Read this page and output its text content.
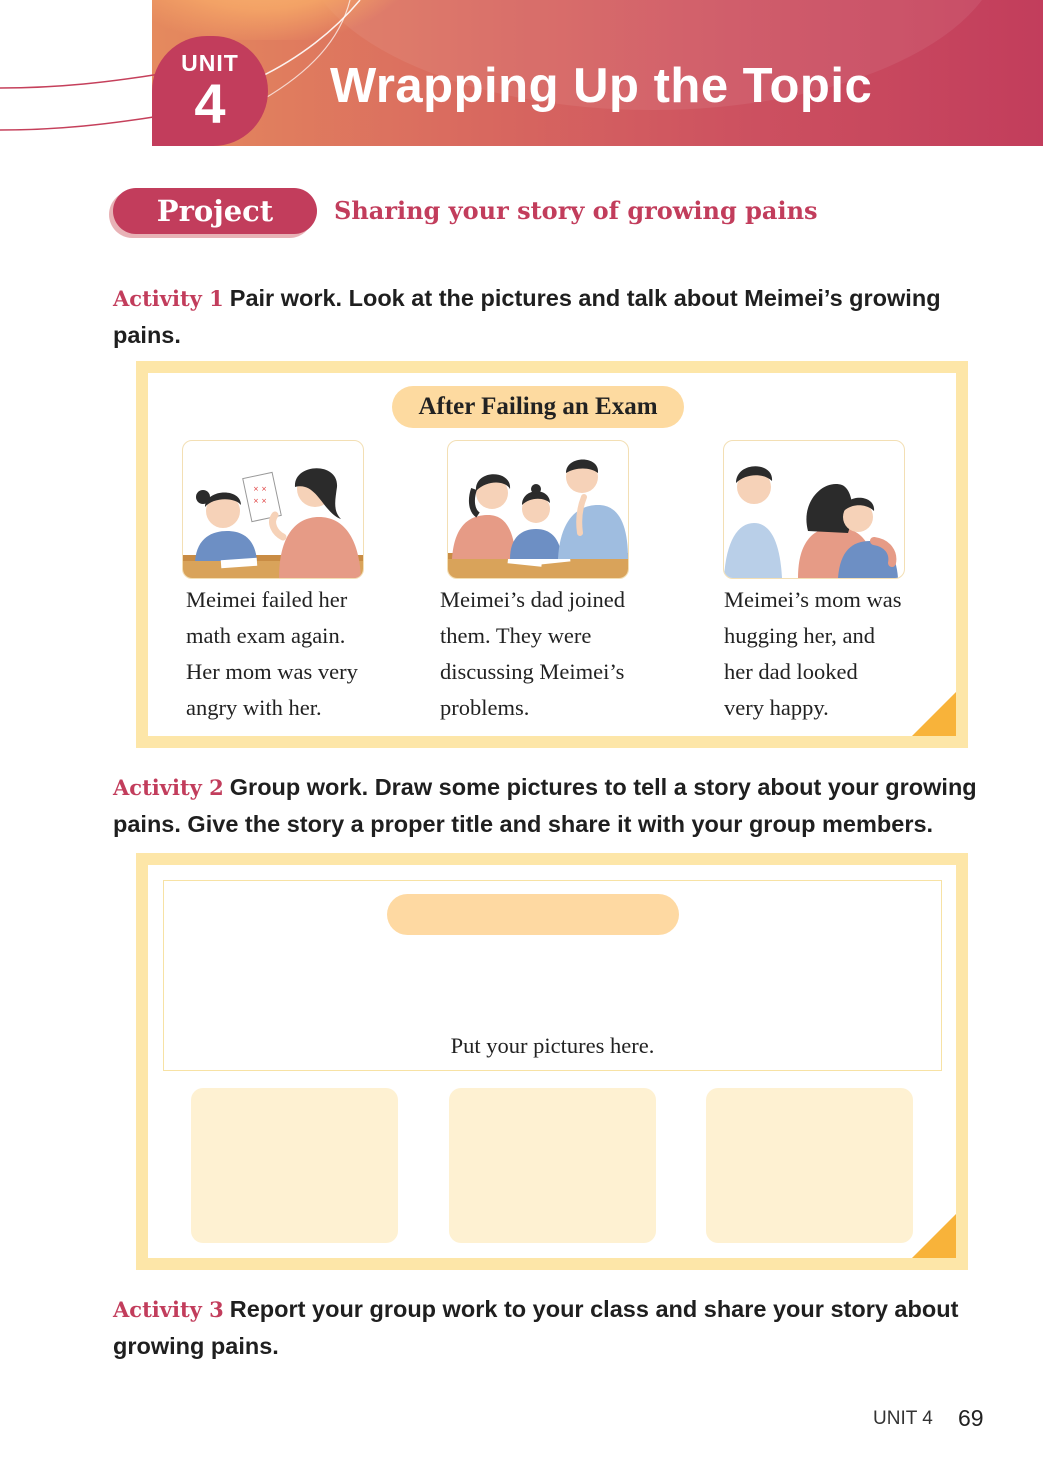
UNIT
4	Wrapping Up the Topic
Project	Sharing your story of growing pains
Activity 1 Pair work. Look at the pictures and talk about Meimei’s growing pains.
After Failing an Exam
× ×
× ×
Meimei failed her
math exam again.
Her mom was very
angry with her.
Meimei’s dad joined
them. They were
discussing Meimei’s
problems.
Meimei’s mom was
hugging her, and
her dad looked
very happy.
Activity 2 Group work. Draw some pictures to tell a story about your growing pains. Give the story a proper title and share it with your group members.
Put your pictures here.
Activity 3 Report your group work to your class and share your story about growing pains.
UNIT 4 69
